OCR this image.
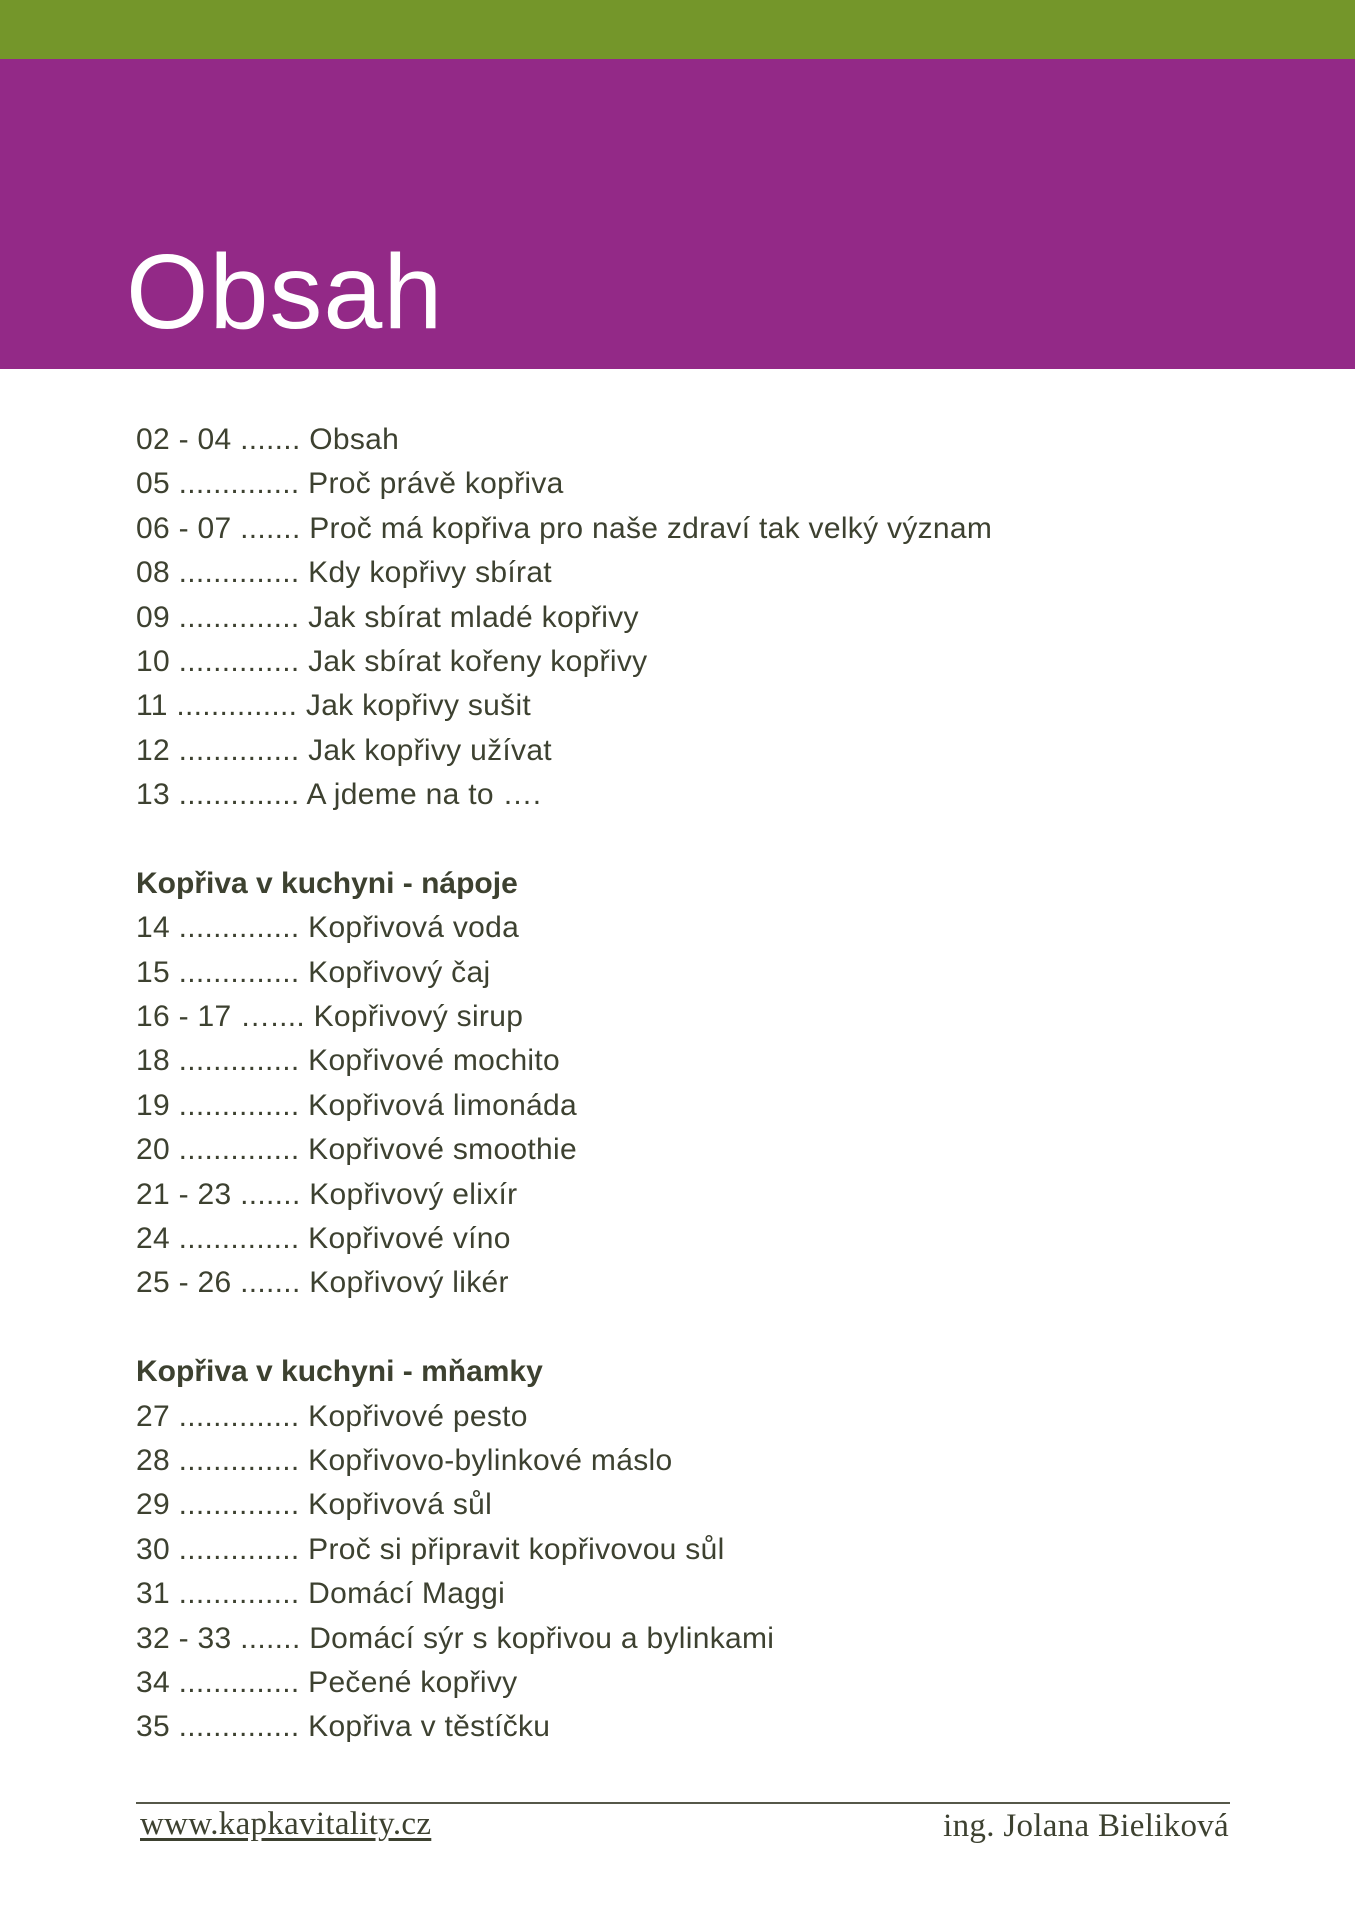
Obsah
02 - 04 ....... Obsah
05 .............. Proč právě kopřiva
06 - 07 ....... Proč má kopřiva pro naše zdraví tak velký význam
08 .............. Kdy kopřivy sbírat
09 .............. Jak sbírat mladé kopřivy
10 .............. Jak sbírat kořeny kopřivy
11 .............. Jak kopřivy sušit
12 .............. Jak kopřivy užívat
13 .............. A jdeme na to ….
Kopřiva v kuchyni - nápoje
14 .............. Kopřivová voda
15 .............. Kopřivový čaj
16 - 17 ….... Kopřivový sirup
18 .............. Kopřivové mochito
19 .............. Kopřivová limonáda
20 .............. Kopřivové smoothie
21 - 23 ....... Kopřivový elixír
24 .............. Kopřivové víno
25 - 26 ....... Kopřivový likér
Kopřiva v kuchyni - mňamky
27 .............. Kopřivové pesto
28 .............. Kopřivovo-bylinkové máslo
29 .............. Kopřivová sůl
30 .............. Proč si připravit kopřivovou sůl
31 .............. Domácí Maggi
32 - 33 ....... Domácí sýr s kopřivou a bylinkami
34 .............. Pečené kopřivy
35 .............. Kopřiva v těstíčku
www.kapkavitality.cz	ing. Jolana Bieliková
